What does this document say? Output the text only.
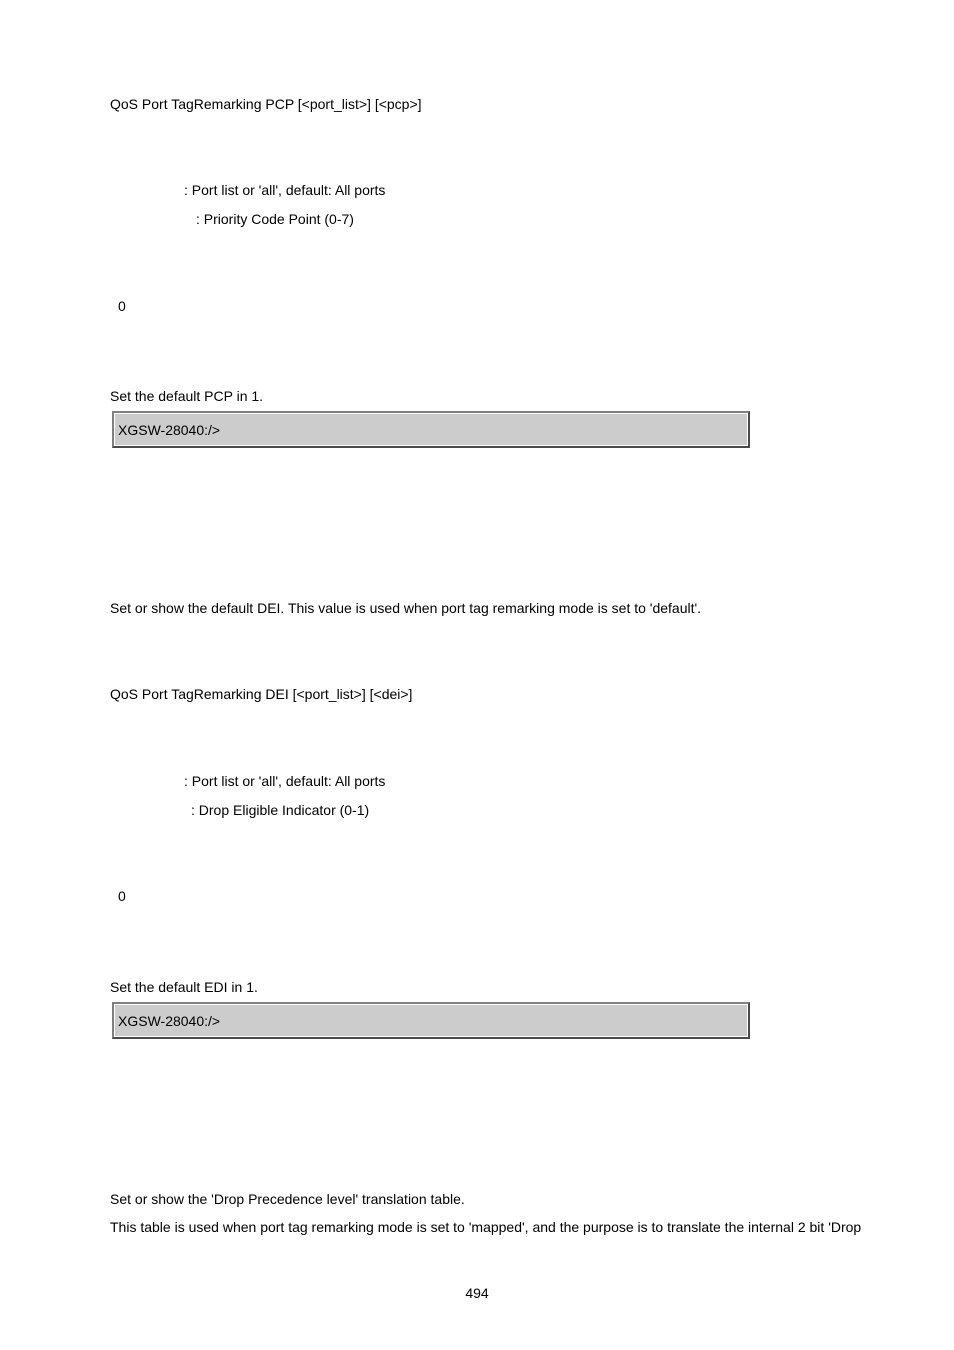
QoS Port TagRemarking PCP [<port_list>] [<pcp>]
: Port list or 'all', default: All ports
: Priority Code Point (0-7)
0
Set the default PCP in 1.
XGSW-28040:/>
Set or show the default DEI. This value is used when port tag remarking mode is set to 'default'.
QoS Port TagRemarking DEI [<port_list>] [<dei>]
: Port list or 'all', default: All ports
: Drop Eligible Indicator (0-1)
0
Set the default EDI in 1.
XGSW-28040:/>
Set or show the 'Drop Precedence level' translation table.
This table is used when port tag remarking mode is set to 'mapped', and the purpose is to translate the internal 2 bit 'Drop
494
